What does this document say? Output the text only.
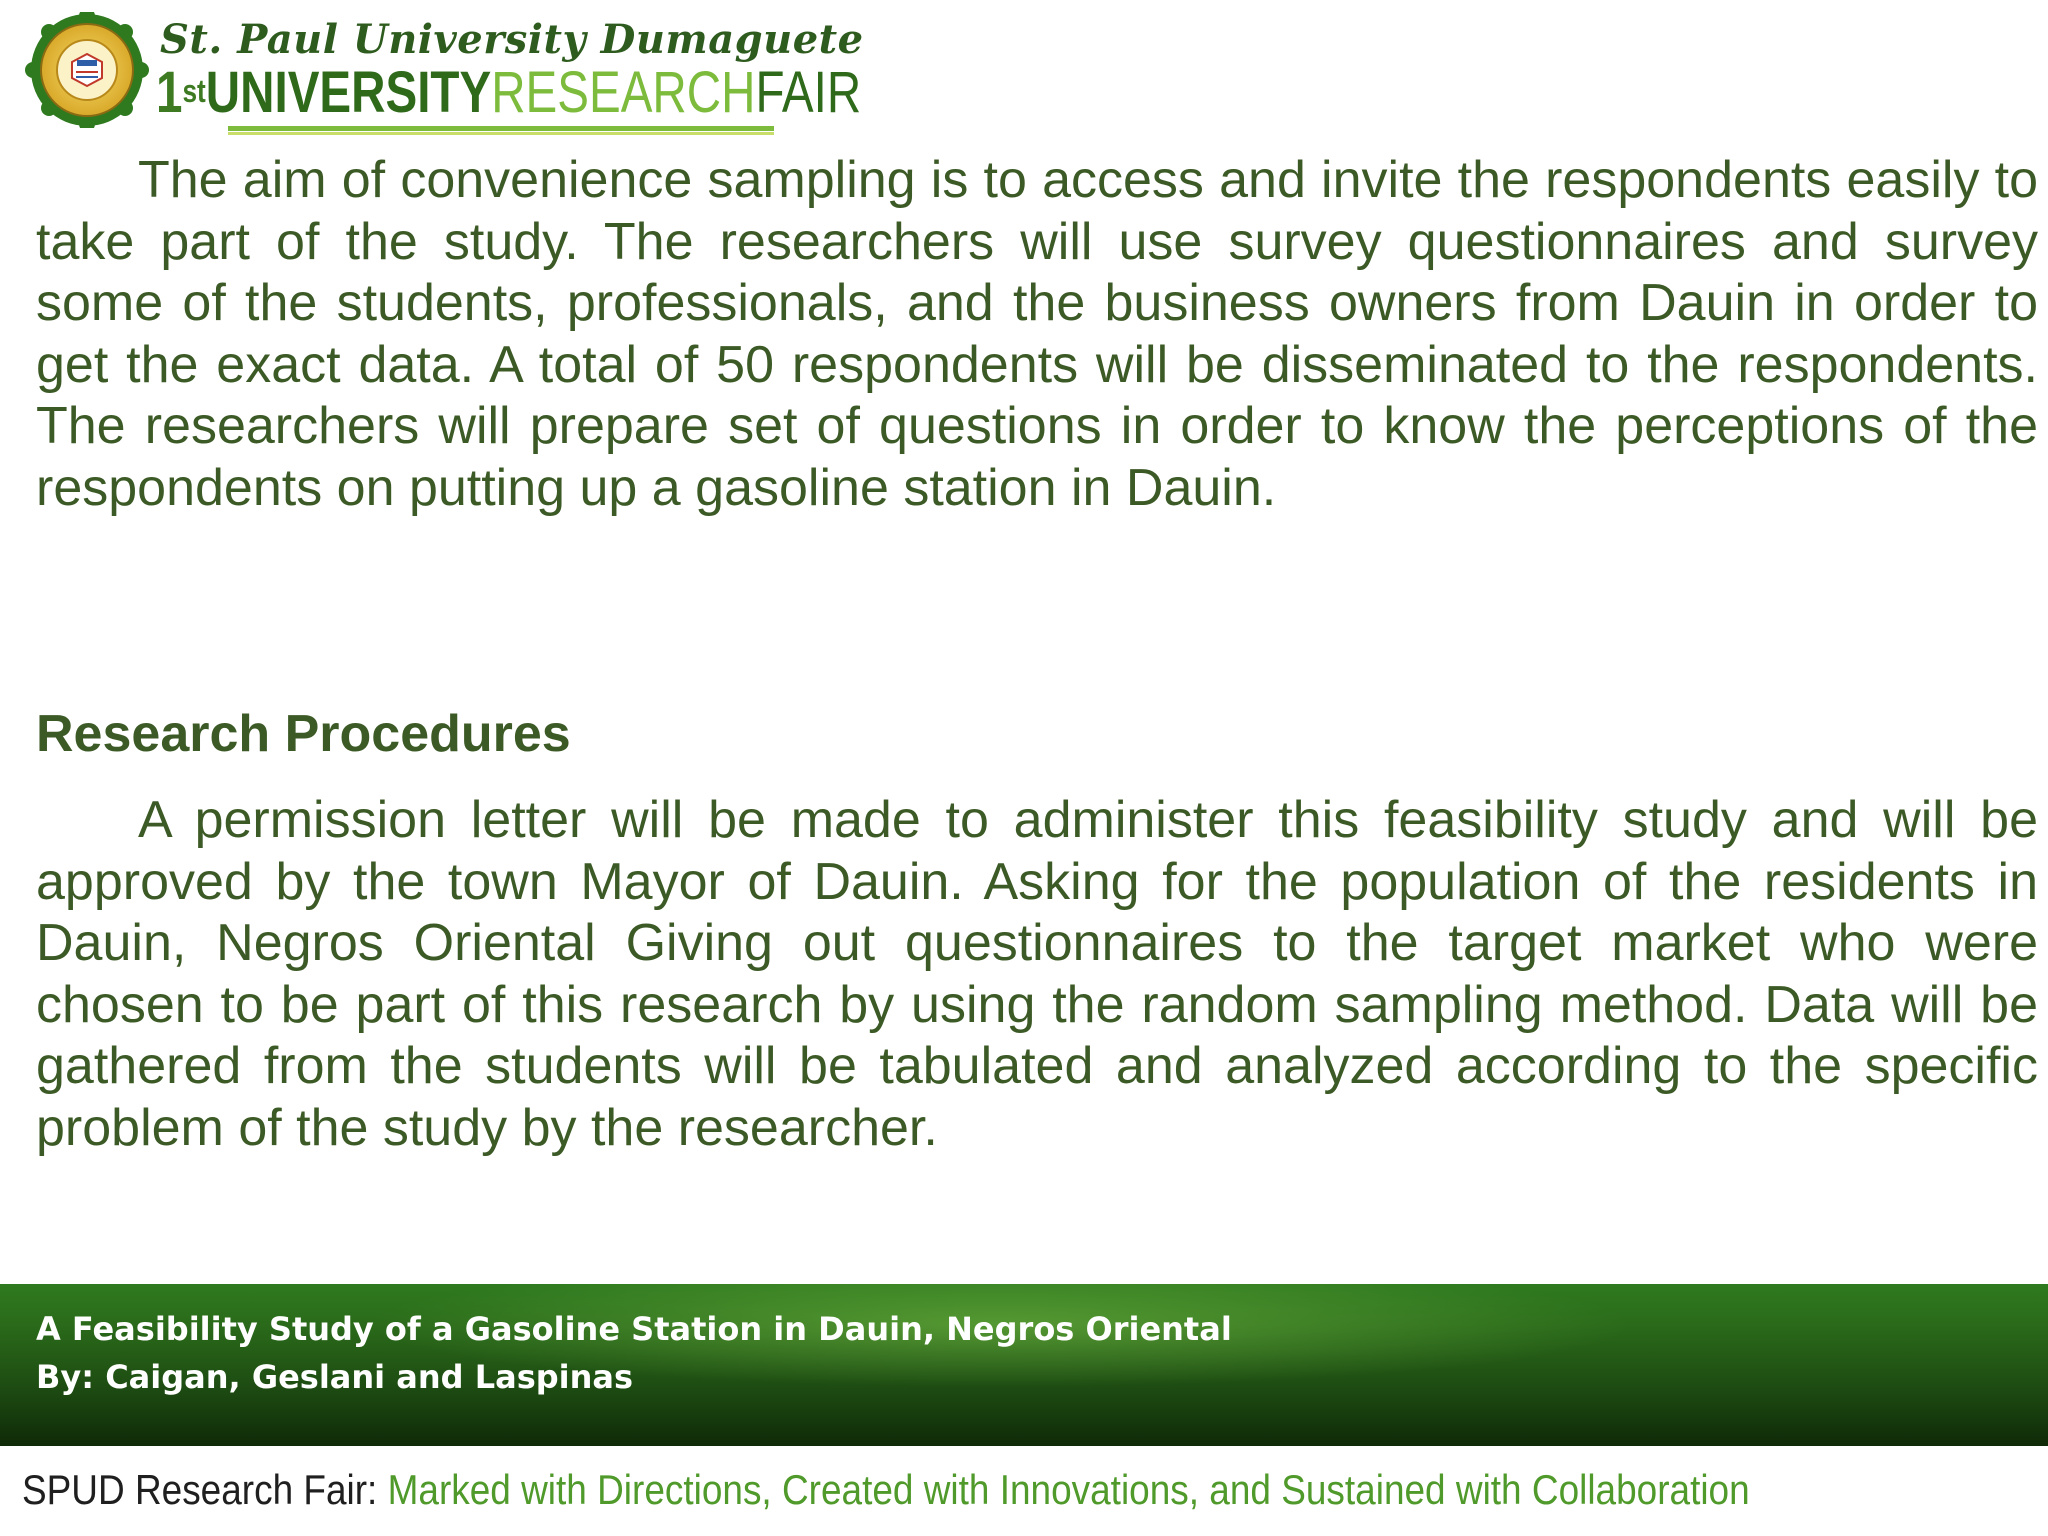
St. Paul University Dumaguete
1stUNIVERSITYRESEARCHFAIR

The aim of convenience sampling is to access and invite the respondents easily to take part of the study. The researchers will use survey questionnaires and survey some of the students, professionals, and the business owners from Dauin in order to get the exact data. A total of 50 respondents will be disseminated to the respondents. The researchers will prepare set of questions in order to know the perceptions of the respondents on putting up a gasoline station in Dauin.

Research Procedures

A permission letter will be made to administer this feasibility study and will be approved by the town Mayor of Dauin. Asking for the population of the residents in Dauin, Negros Oriental Giving out questionnaires to the target market who were chosen to be part of this research by using the random sampling method. Data will be gathered from the students will be tabulated and analyzed according to the specific problem of the study by the researcher.

A Feasibility Study of a Gasoline Station in Dauin, Negros Oriental
By: Caigan, Geslani and Laspinas
SPUD Research Fair: Marked with Directions, Created with Innovations, and Sustained with Collaboration
